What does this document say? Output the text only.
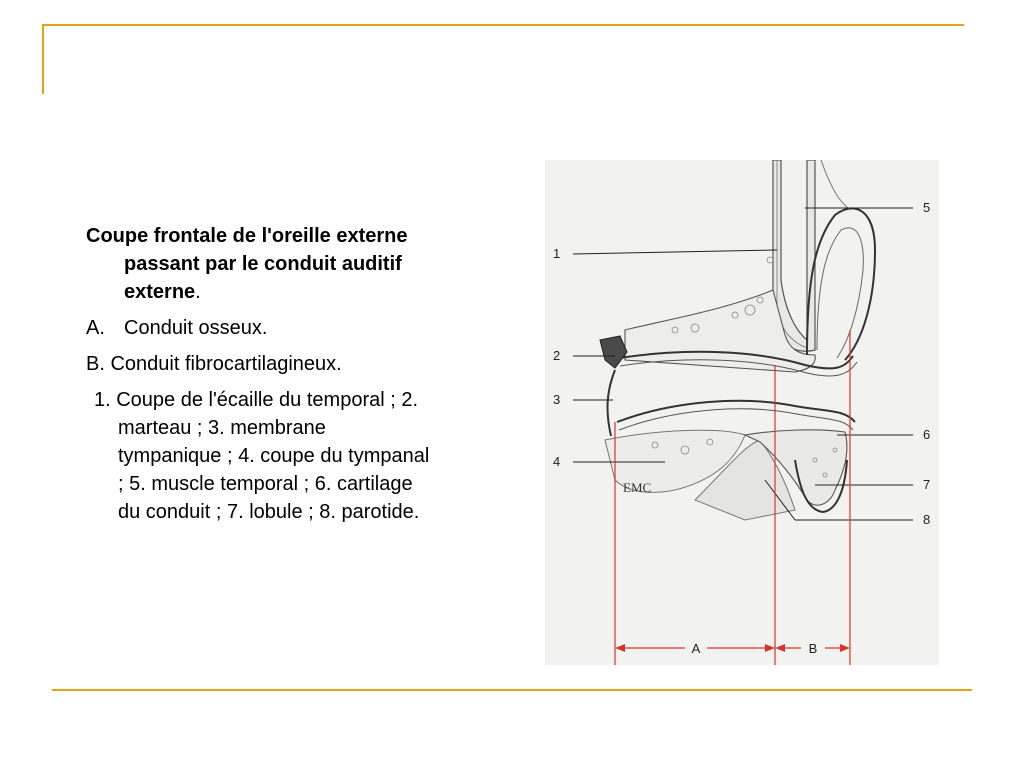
Coupe frontale de l'oreille externe passant par le conduit auditif externe.

A. Conduit osseux.

B. Conduit fibrocartilagineux.

1. Coupe de l'écaille du temporal ; 2. marteau ; 3. membrane tympanique ; 4. coupe du tympanal ; 5. muscle temporal ; 6. cartilage du conduit ; 7. lobule ; 8. parotide.

1
2
3
4
5
6
7
8
EMC
A	B
